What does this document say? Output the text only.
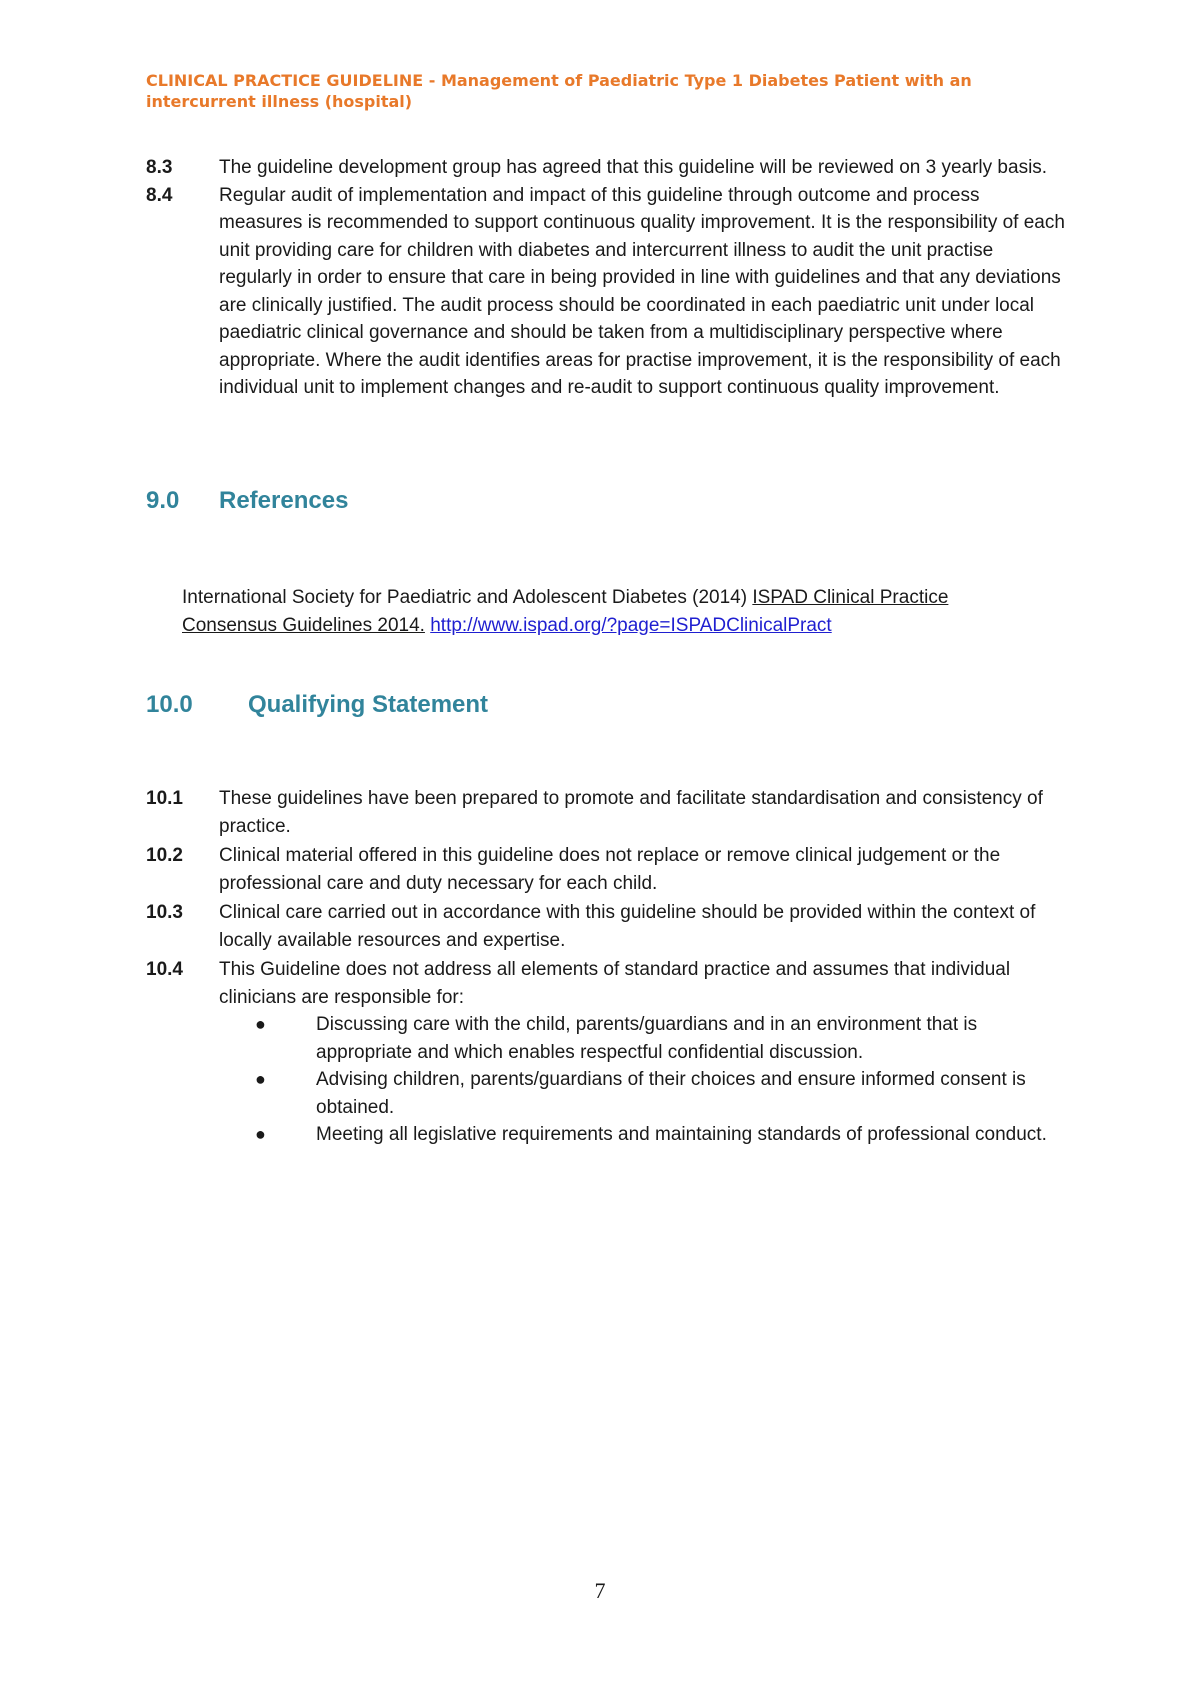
CLINICAL PRACTICE GUIDELINE - Management of Paediatric Type 1 Diabetes Patient with an
intercurrent illness (hospital)
8.3	The guideline development group has agreed that this guideline will be reviewed on 3 yearly basis.
8.4	Regular audit of implementation and impact of this guideline through outcome and process measures is recommended to support continuous quality improvement. It is the responsibility of each unit providing care for children with diabetes and intercurrent illness to audit the unit practise regularly in order to ensure that care in being provided in line with guidelines and that any deviations are clinically justified. The audit process should be coordinated in each paediatric unit under local paediatric clinical governance and should be taken from a multidisciplinary perspective where appropriate. Where the audit identifies areas for practise improvement, it is the responsibility of each individual unit to implement changes and re-audit to support continuous quality improvement.
9.0	References
International Society for Paediatric and Adolescent Diabetes (2014) ISPAD Clinical Practice Consensus Guidelines 2014. http://www.ispad.org/?page=ISPADClinicalPract
10.0	Qualifying Statement
10.1	These guidelines have been prepared to promote and facilitate standardisation and consistency of practice.
10.2	Clinical material offered in this guideline does not replace or remove clinical judgement or the professional care and duty necessary for each child.
10.3	Clinical care carried out in accordance with this guideline should be provided within the context of locally available resources and expertise.
10.4	This Guideline does not address all elements of standard practice and assumes that individual clinicians are responsible for:
●	Discussing care with the child, parents/guardians and in an environment that is appropriate and which enables respectful confidential discussion.
●	Advising children, parents/guardians of their choices and ensure informed consent is obtained.
●	Meeting all legislative requirements and maintaining standards of professional conduct.
7
